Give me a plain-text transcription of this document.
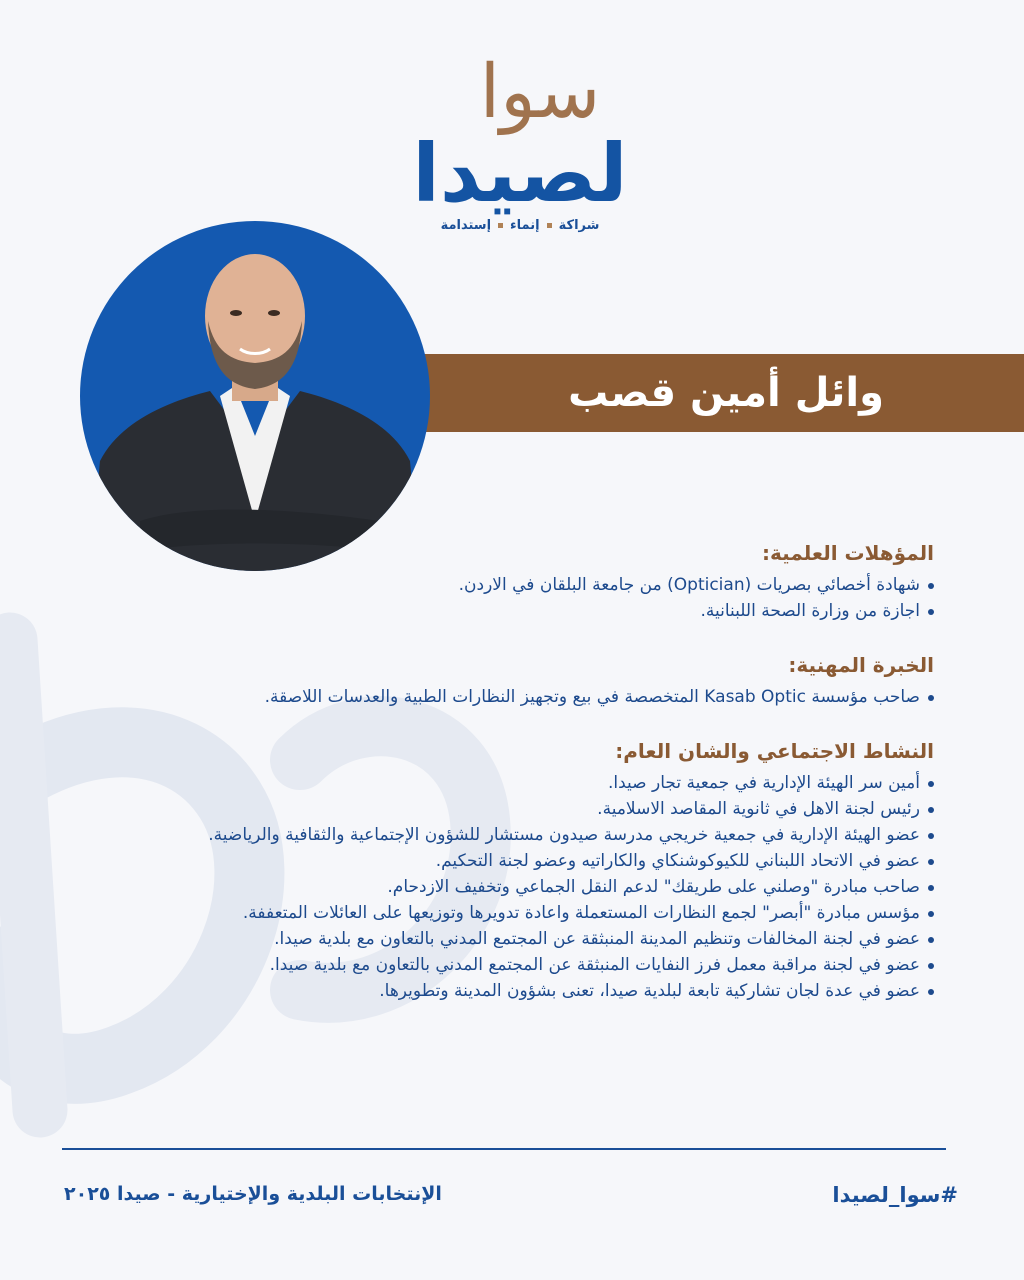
سوا
لصيدا
شراكةإنماءإستدامة
وائل أمين قصب
المؤهلات العلمية:
شهادة أخصائي بصريات (Optician) من جامعة البلقان في الاردن.
اجازة من وزارة الصحة اللبنانية.
الخبرة المهنية:
صاحب مؤسسة Kasab Optic المتخصصة في بيع وتجهيز النظارات الطبية والعدسات اللاصقة.
النشاط الاجتماعي والشان العام:
أمين سر الهيئة الإدارية في جمعية تجار صيدا.
رئيس لجنة الاهل في ثانوية المقاصد الاسلامية.
عضو الهيئة الإدارية في جمعية خريجي مدرسة صيدون مستشار للشؤون الإجتماعية والثقافية والرياضية.
عضو في الاتحاد اللبناني للكيوكوشنكاي والكاراتيه وعضو لجنة التحكيم.
صاحب مبادرة "وصلني على طريقك" لدعم النقل الجماعي وتخفيف الازدحام.
مؤسس مبادرة "أبصر" لجمع النظارات المستعملة واعادة تدويرها وتوزيعها على العائلات المتعففة.
عضو في لجنة المخالفات وتنظيم المدينة المنبثقة عن المجتمع المدني بالتعاون مع بلدية صيدا.
عضو في لجنة مراقبة معمل فرز النفايات المنبثقة عن المجتمع المدني بالتعاون مع بلدية صيدا.
عضو في عدة لجان تشاركية تابعة لبلدية صيدا، تعنى بشؤون المدينة وتطويرها.
الإنتخابات البلدية والإختيارية - صيدا ٢٠٢٥	#سوا_لصيدا
